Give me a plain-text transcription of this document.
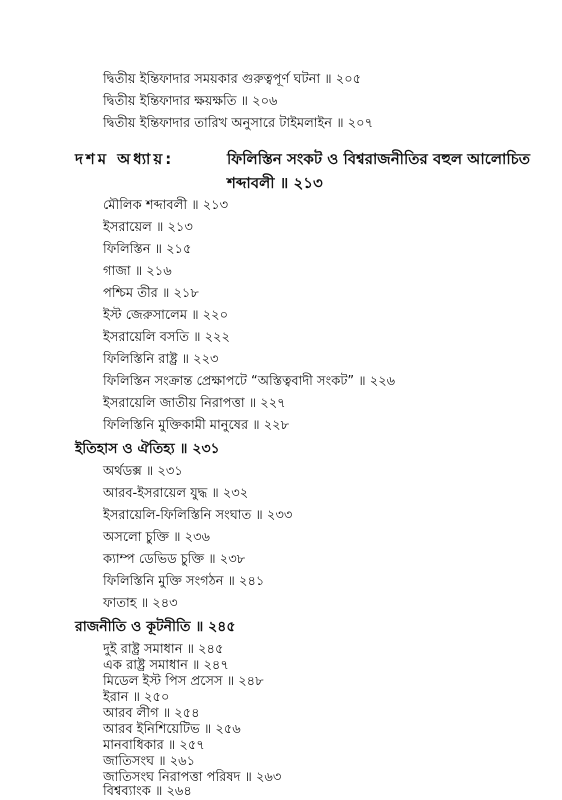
দ্বিতীয় ইন্তিফাদার সময়কার গুরুত্বপূর্ণ ঘটনা ॥ ২০৫
দ্বিতীয় ইন্তিফাদার ক্ষয়ক্ষতি ॥ ২০৬
দ্বিতীয় ইন্তিফাদার তারিখ অনুসারে টাইমলাইন ॥ ২০৭
দশম অধ্যায়:	ফিলিস্তিন সংকট ও বিশ্বরাজনীতির বহুল আলোচিত
শব্দাবলী ॥ ২১৩
মৌলিক শব্দাবলী ॥ ২১৩
ইসরায়েল ॥ ২১৩
ফিলিস্তিন ॥ ২১৫
গাজা ॥ ২১৬
পশ্চিম তীর ॥ ২১৮
ইস্ট জেরুসালেম ॥ ২২০
ইসরায়েলি বসতি ॥ ২২২
ফিলিস্তিনি রাষ্ট্র ॥ ২২৩
ফিলিস্তিন সংক্রান্ত প্রেক্ষাপটে “অস্তিত্ববাদী সংকট” ॥ ২২৬
ইসরায়েলি জাতীয় নিরাপত্তা ॥ ২২৭
ফিলিস্তিনি মুক্তিকামী মানুষের ॥ ২২৮
ইতিহাস ও ঐতিহ্য ॥ ২৩১
অর্থডক্স ॥ ২৩১
আরব-ইসরায়েল যুদ্ধ ॥ ২৩২
ইসরায়েলি-ফিলিস্তিনি সংঘাত ॥ ২৩৩
অসলো চুক্তি ॥ ২৩৬
ক্যাম্প ডেভিড চুক্তি ॥ ২৩৮
ফিলিস্তিনি মুক্তি সংগঠন ॥ ২৪১
ফাতাহ ॥ ২৪৩
রাজনীতি ও কূটনীতি ॥ ২৪৫
দুই রাষ্ট্র সমাধান ॥ ২৪৫
এক রাষ্ট্র সমাধান ॥ ২৪৭
মিডেল ইস্ট পিস প্রসেস ॥ ২৪৮
ইরান ॥ ২৫০
আরব লীগ ॥ ২৫৪
আরব ইনিশিয়েটিভ ॥ ২৫৬
মানবাধিকার ॥ ২৫৭
জাতিসংঘ ॥ ২৬১
জাতিসংঘ নিরাপত্তা পরিষদ ॥ ২৬৩
বিশ্বব্যাংক ॥ ২৬৪
